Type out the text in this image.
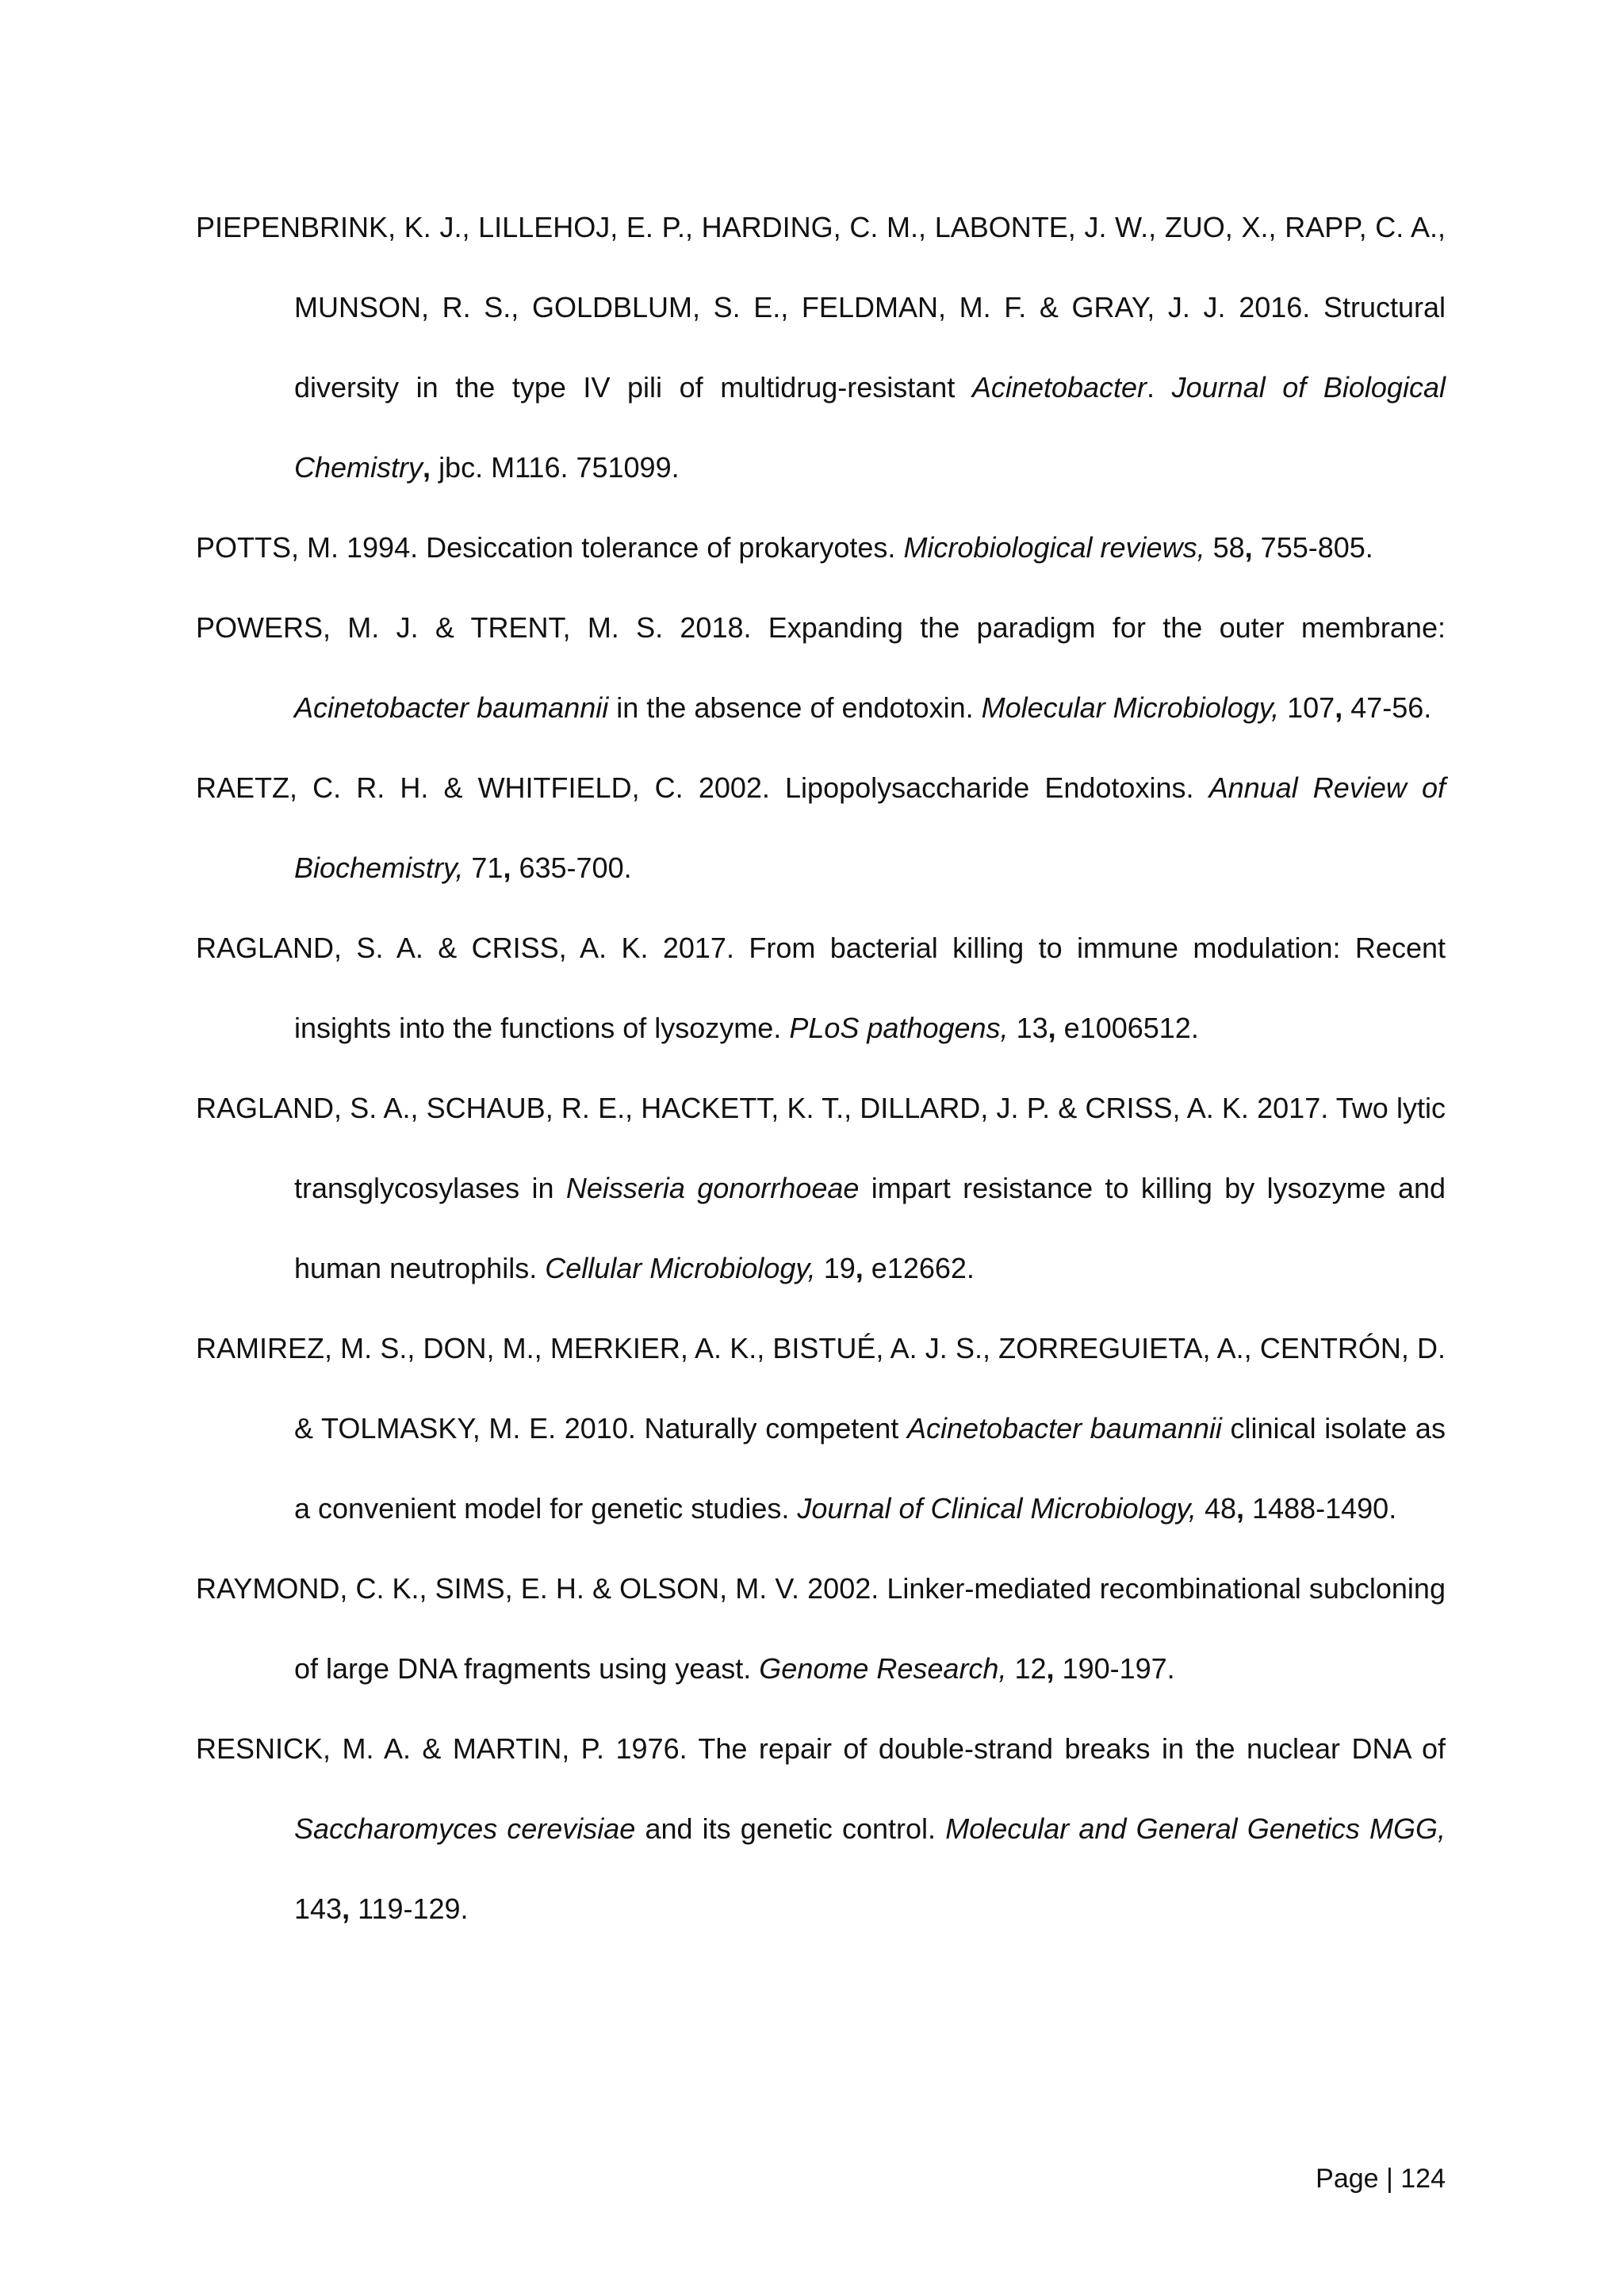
PIEPENBRINK, K. J., LILLEHOJ, E. P., HARDING, C. M., LABONTE, J. W., ZUO, X., RAPP, C. A., MUNSON, R. S., GOLDBLUM, S. E., FELDMAN, M. F. & GRAY, J. J. 2016. Structural diversity in the type IV pili of multidrug-resistant Acinetobacter. Journal of Biological Chemistry, jbc. M116. 751099.

POTTS, M. 1994. Desiccation tolerance of prokaryotes. Microbiological reviews, 58, 755-805.

POWERS, M. J. & TRENT, M. S. 2018. Expanding the paradigm for the outer membrane: Acinetobacter baumannii in the absence of endotoxin. Molecular Microbiology, 107, 47-56.

RAETZ, C. R. H. & WHITFIELD, C. 2002. Lipopolysaccharide Endotoxins. Annual Review of Biochemistry, 71, 635-700.

RAGLAND, S. A. & CRISS, A. K. 2017. From bacterial killing to immune modulation: Recent insights into the functions of lysozyme. PLoS pathogens, 13, e1006512.

RAGLAND, S. A., SCHAUB, R. E., HACKETT, K. T., DILLARD, J. P. & CRISS, A. K. 2017. Two lytic transglycosylases in Neisseria gonorrhoeae impart resistance to killing by lysozyme and human neutrophils. Cellular Microbiology, 19, e12662.

RAMIREZ, M. S., DON, M., MERKIER, A. K., BISTUÉ, A. J. S., ZORREGUIETA, A., CENTRÓN, D. & TOLMASKY, M. E. 2010. Naturally competent Acinetobacter baumannii clinical isolate as a convenient model for genetic studies. Journal of Clinical Microbiology, 48, 1488-1490.

RAYMOND, C. K., SIMS, E. H. & OLSON, M. V. 2002. Linker-mediated recombinational subcloning of large DNA fragments using yeast. Genome Research, 12, 190-197.

RESNICK, M. A. & MARTIN, P. 1976. The repair of double-strand breaks in the nuclear DNA of Saccharomyces cerevisiae and its genetic control. Molecular and General Genetics MGG, 143, 119-129.

Page | 124
